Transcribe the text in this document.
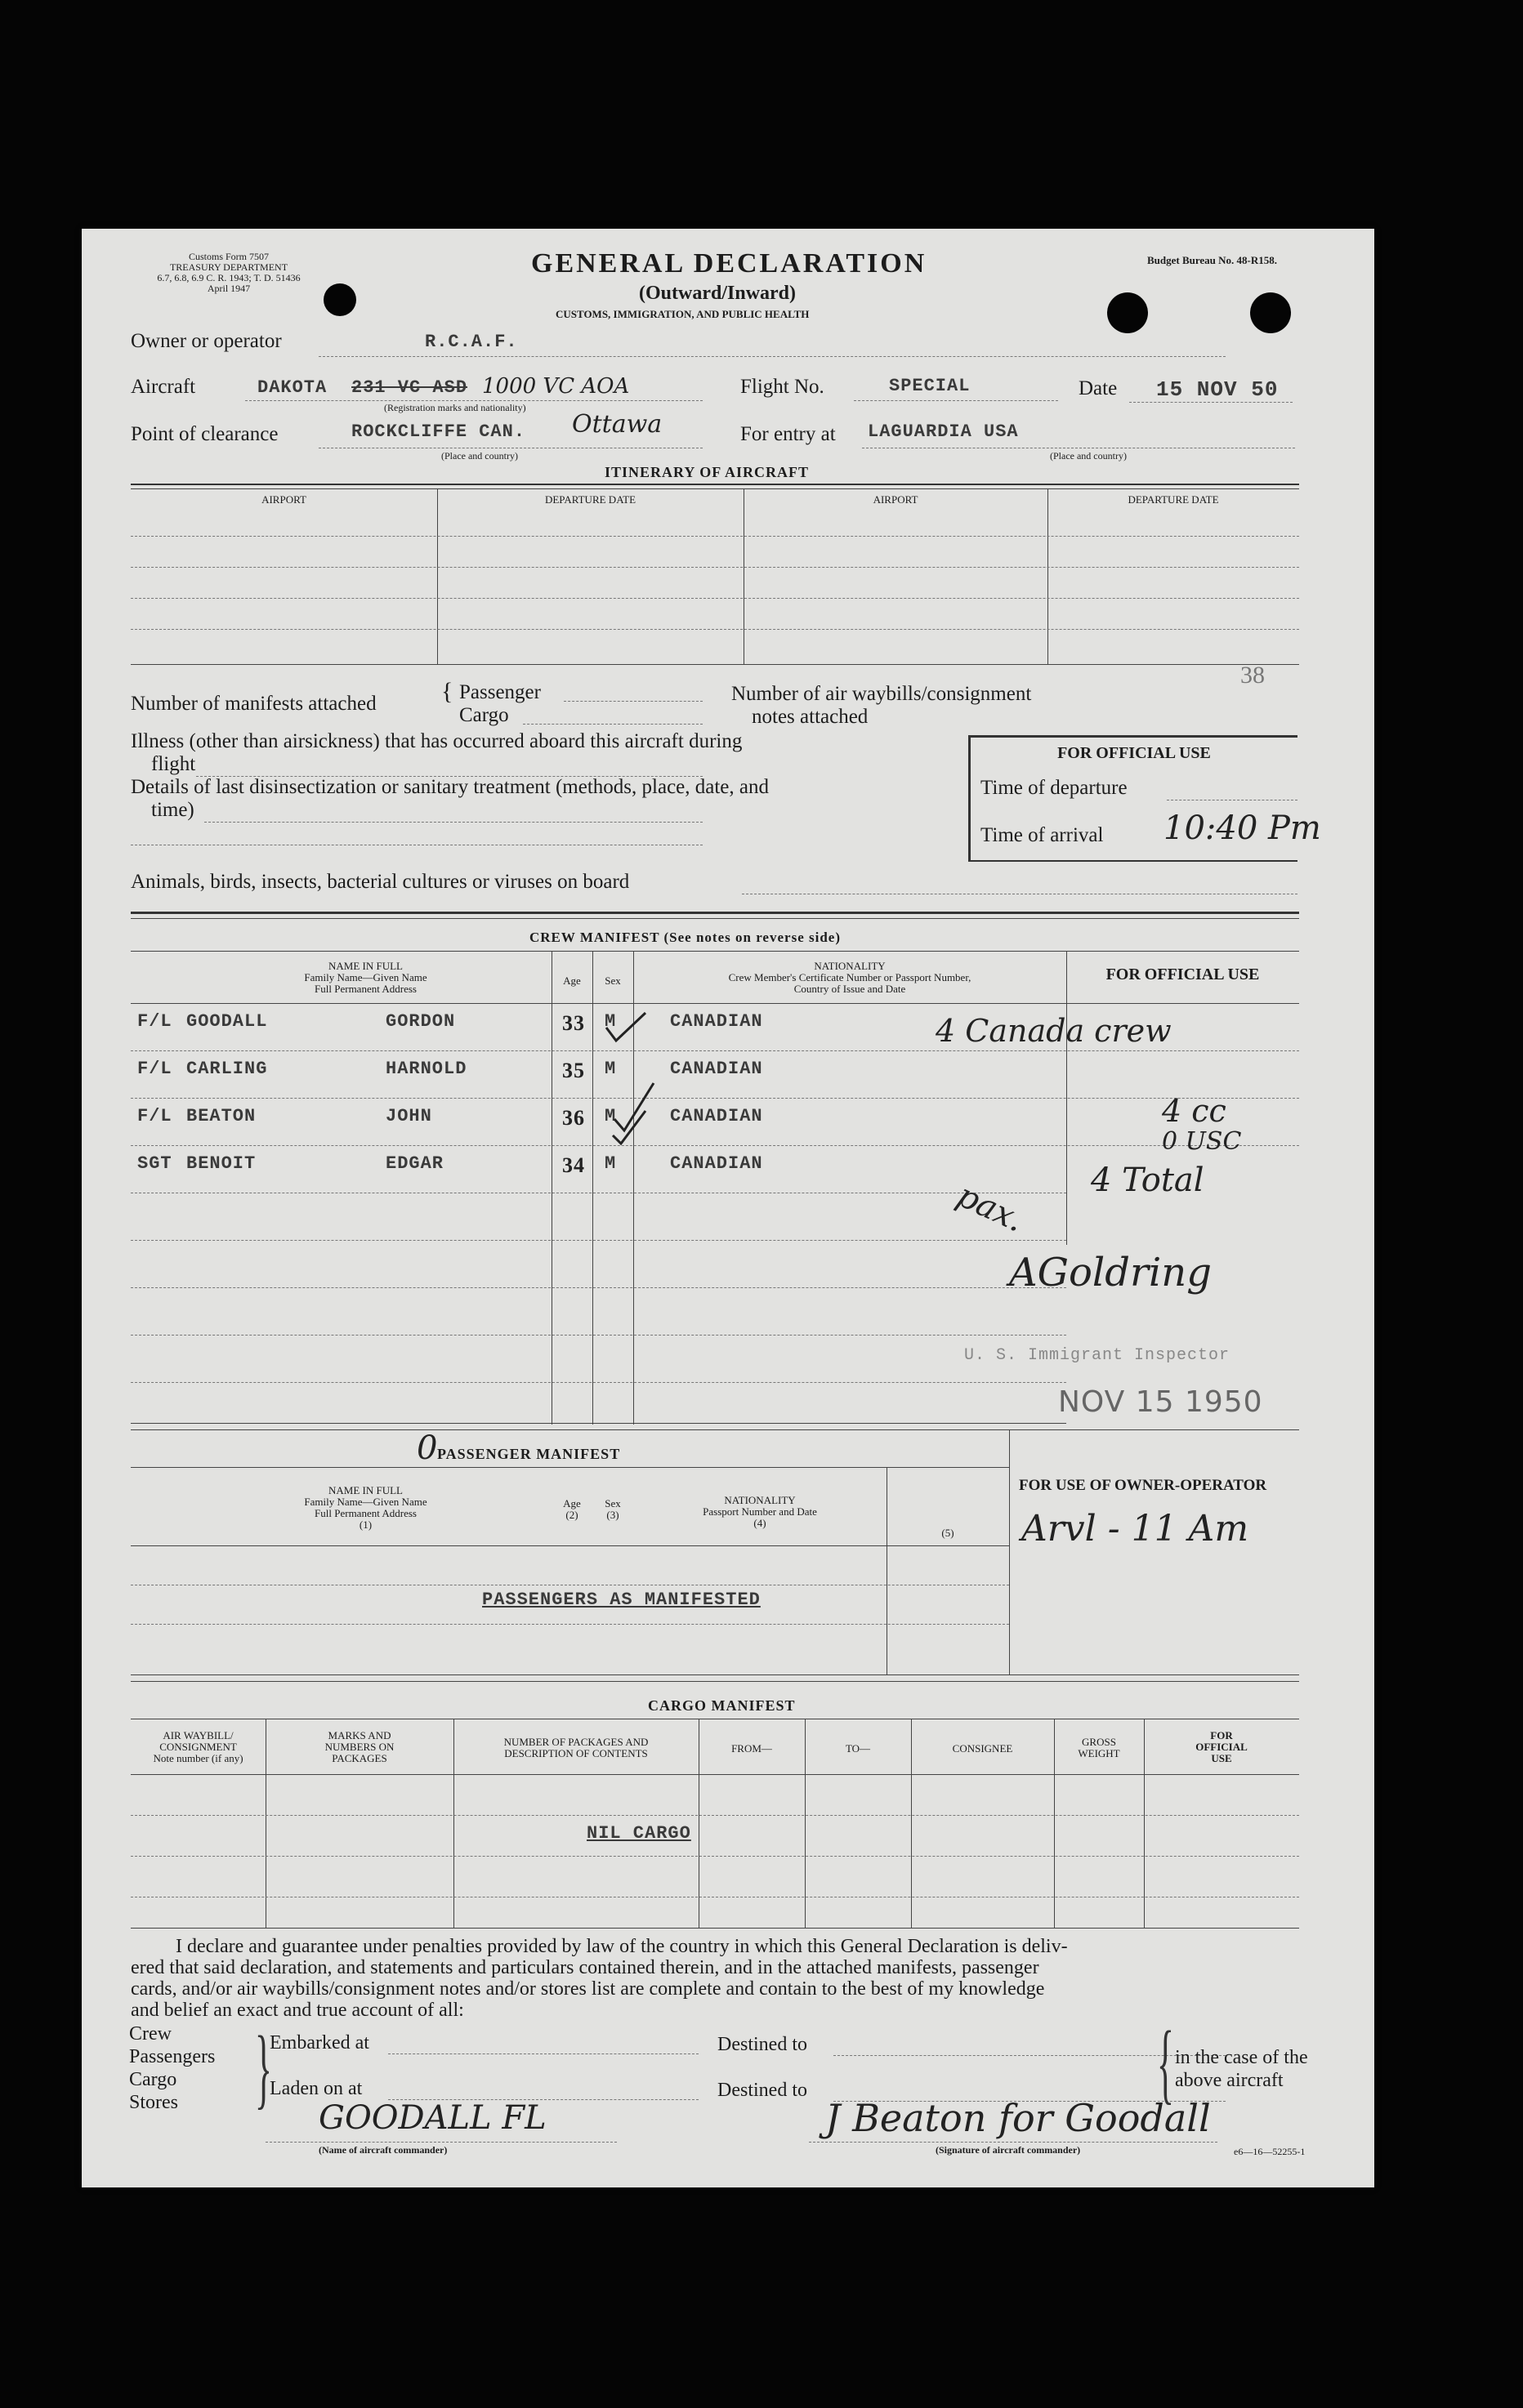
Customs Form 7507
TREASURY DEPARTMENT
6.7, 6.8, 6.9 C. R. 1943; T. D. 51436
April 1947
GENERAL DECLARATION
(Outward/Inward)
CUSTOMS, IMMIGRATION, AND PUBLIC HEALTH
Budget Bureau No. 48-R158.
Owner or operator	R.C.A.F.
Aircraft	DAKOTA 231 VC ASD 1000 VC AOA
(Registration marks and nationality)
Flight No.	SPECIAL	Date 15 NOV 50
Point of clearance	ROCKCLIFFE CAN. Ottawa
(Place and country)
For entry at LAGUARDIA USA
(Place and country)
ITINERARY OF AIRCRAFT
AIRPORT	DEPARTURE DATE	AIRPORT	DEPARTURE DATE
Number of manifests attached	{ Passenger
Cargo
Number of air waybills/consignment
notes attached
38
Illness (other than airsickness) that has occurred aboard this aircraft during
flight
Details of last disinsectization or sanitary treatment (methods, place, date, and
time)
Animals, birds, insects, bacterial cultures or viruses on board
FOR OFFICIAL USE
Time of departure
Time of arrival 10:40 Pm
CREW MANIFEST (See notes on reverse side)
NAME IN FULL
Family Name—Given Name
Full Permanent Address
Age	Sex
NATIONALITY
Crew Member's Certificate Number or Passport Number,
Country of Issue and Date
FOR OFFICIAL USE
F/L GOODALL	GORDON	33 M	CANADIAN
F/L CARLING	HARNOLD	35 M	CANADIAN
F/L BEATON	JOHN	36 M	CANADIAN
SGT BENOIT	EDGAR	34 M	CANADIAN
4 Canada crew
4 cc
0 USC
pax. 4 Total
AGoldring
U. S. Immigrant Inspector
NOV 15 1950
0 PASSENGER MANIFEST
NAME IN FULL
Family Name—Given Name
Full Permanent Address
(1)
Age
(2)
Sex
(3)
NATIONALITY
Passport Number and Date
(4)
(5)
PASSENGERS AS MANIFESTED
FOR USE OF OWNER-OPERATOR
Arvl - 11 Am
CARGO MANIFEST
AIR WAYBILL/
CONSIGNMENT
Note number (if any)
MARKS AND
NUMBERS ON
PACKAGES
NUMBER OF PACKAGES AND
DESCRIPTION OF CONTENTS	FROM—	TO—	CONSIGNEE
GROSS
WEIGHT
FOR
OFFICIAL
USE
NIL CARGO
I declare and guarantee under penalties provided by law of the country in which this General Declaration is deliv-
ered that said declaration, and statements and particulars contained therein, and in the attached manifests, passenger
cards, and/or air waybills/consignment notes and/or stores list are complete and contain to the best of my knowledge
and belief an exact and true account of all:
Crew
Passengers
Cargo
Stores }
Embarked at
Laden on at
Destined to
Destined to	{ in the case of the
above aircraft
GOODALL FL
(Name of aircraft commander)
J Beaton for Goodall
(Signature of aircraft commander)	e6—16—52255-1
